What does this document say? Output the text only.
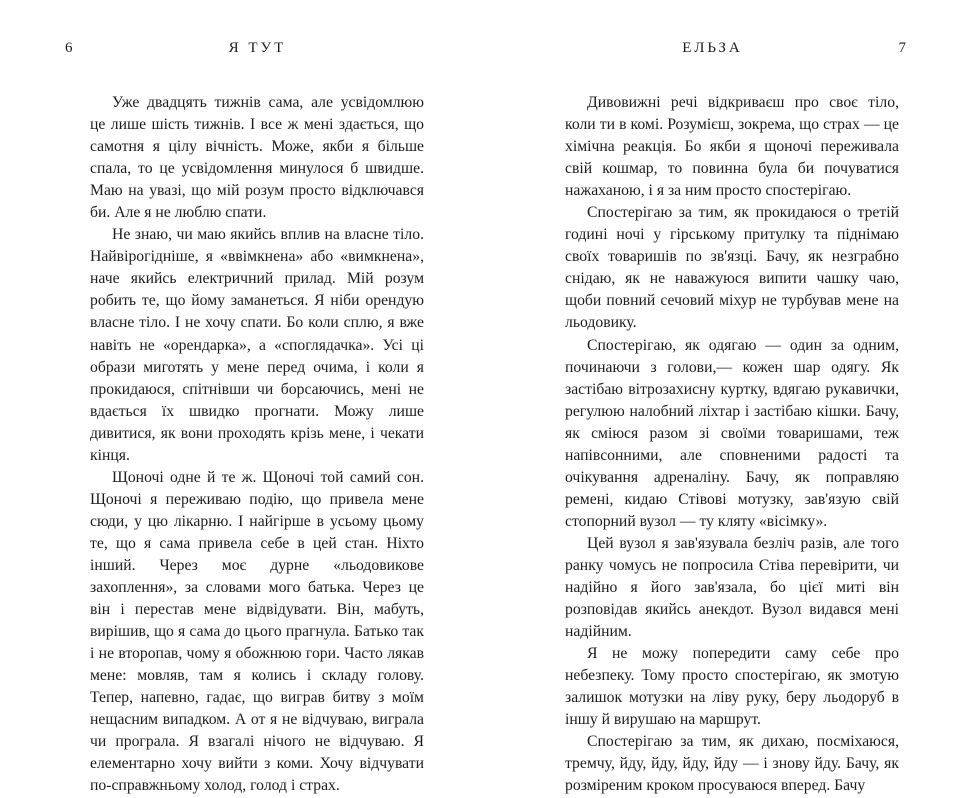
6	Я ТУТ

Уже двадцять тижнів сама, але усвідомлюю це лише шість тижнів. І все ж мені здається, що самотня я цілу вічність. Може, якби я більше спала, то це усвідомлення минулося б швидше. Маю на увазі, що мій розум просто відключався би. Але я не люблю спати.

Не знаю, чи маю якийсь вплив на власне тіло. Найвірогідніше, я «ввімкнена» або «вимкнена», наче якийсь електричний прилад. Мій розум робить те, що йому заманеться. Я ніби орендую власне тіло. І не хочу спати. Бо коли сплю, я вже навіть не «орендарка», а «споглядачка». Усі ці образи миготять у мене перед очима, і коли я прокидаюся, спітнівши чи борсаючись, мені не вдається їх швидко прогнати. Можу лише дивитися, як вони проходять крізь мене, і чекати кінця.

Щоночі одне й те ж. Щоночі той самий сон. Щоночі я переживаю подію, що привела мене сюди, у цю лікарню. І найгірше в усьому цьому те, що я сама привела себе в цей стан. Ніхто інший. Через моє дурне «льодовикове захоплення», за словами мого батька. Через це він і перестав мене відвідувати. Він, мабуть, вирішив, що я сама до цього прагнула. Батько так і не второпав, чому я обожнюю гори. Часто лякав мене: мовляв, там я колись і складу голову. Тепер, напевно, гадає, що виграв битву з моїм нещасним випадком. А от я не відчуваю, виграла чи програла. Я взагалі нічого не відчуваю. Я елементарно хочу вийти з коми. Хочу відчувати по-справжньому холод, голод і страх.

ЕЛЬЗА	7

Дивовижні речі відкриваєш про своє тіло, коли ти в комі. Розумієш, зокрема, що страх — це хімічна реакція. Бо якби я щоночі переживала свій кошмар, то повинна була би почуватися нажаханою, і я за ним просто спостерігаю.

Спостерігаю за тим, як прокидаюся о третій годині ночі у гірському притулку та піднімаю своїх товаришів по зв'язці. Бачу, як незграбно снідаю, як не наважуюся випити чашку чаю, щоби повний сечовий міхур не турбував мене на льодовику.

Спостерігаю, як одягаю — один за одним, починаючи з голови,— кожен шар одягу. Як застібаю вітрозахисну куртку, вдягаю рукавички, регулюю налобний ліхтар і застібаю кішки. Бачу, як сміюся разом зі своїми товаришами, теж напівсонними, але сповненими радості та очікування адреналіну. Бачу, як поправляю ремені, кидаю Стівові мотузку, зав'язую свій стопорний вузол — ту кляту «вісімку».

Цей вузол я зав'язувала безліч разів, але того ранку чомусь не попросила Стіва перевірити, чи надійно я його зав'язала, бо цієї миті він розповідав якийсь анекдот. Вузол видався мені надійним.

Я не можу попередити саму себе про небезпеку. Тому просто спостерігаю, як змотую залишок мотузки на ліву руку, беру льодоруб в іншу й вирушаю на маршрут.

Спостерігаю за тим, як дихаю, посміхаюся, тремчу, йду, йду, йду, йду — і знову йду. Бачу, як розміреним кроком просуваюся вперед. Бачу
